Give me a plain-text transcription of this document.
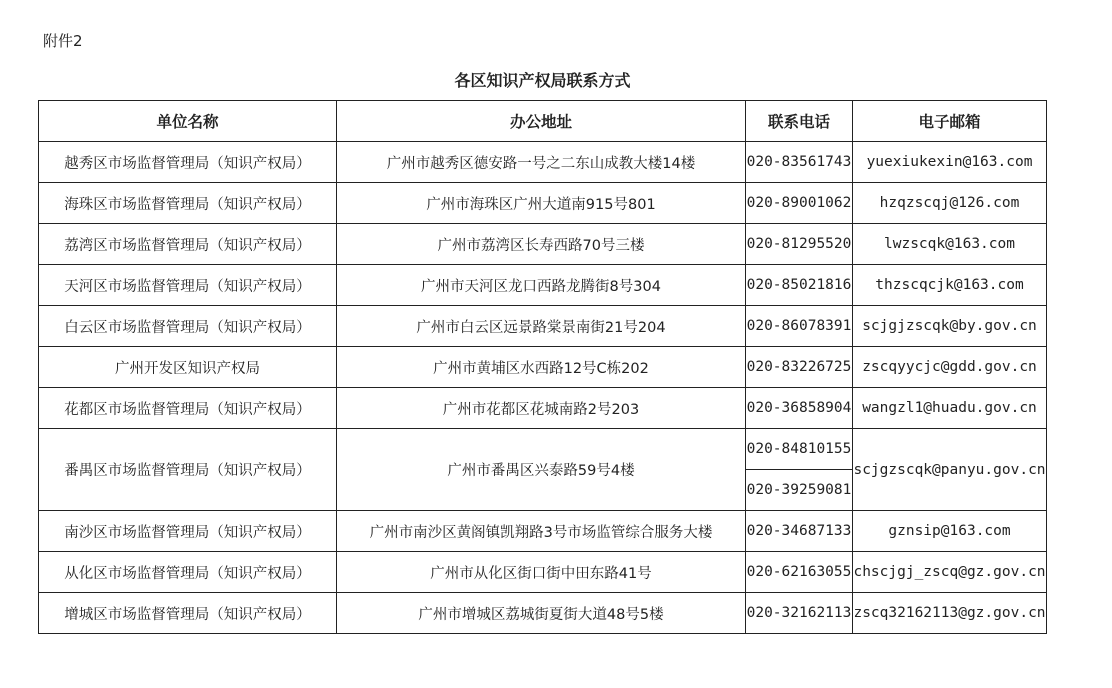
附件2
各区知识产权局联系方式
单位名称	办公地址	联系电话	电子邮箱
越秀区市场监督管理局（知识产权局）	广州市越秀区德安路一号之二东山成教大楼14楼	020-83561743	yuexiukexin@163.com
海珠区市场监督管理局（知识产权局）	广州市海珠区广州大道南915号801	020-89001062	hzqzscqj@126.com
荔湾区市场监督管理局（知识产权局）	广州市荔湾区长寿西路70号三楼	020-81295520	lwzscqk@163.com
天河区市场监督管理局（知识产权局）	广州市天河区龙口西路龙腾街8号304	020-85021816	thzscqcjk@163.com
白云区市场监督管理局（知识产权局）	广州市白云区远景路棠景南街21号204	020-86078391	scjgjzscqk@by.gov.cn
广州开发区知识产权局	广州市黄埔区水西路12号C栋202	020-83226725	zscqyycjc@gdd.gov.cn
花都区市场监督管理局（知识产权局）	广州市花都区花城南路2号203	020-36858904	wangzl1@huadu.gov.cn
番禺区市场监督管理局（知识产权局）	广州市番禺区兴泰路59号4楼	020-84810155	scjgzscqk@panyu.gov.cn
		020-39259081	
南沙区市场监督管理局（知识产权局）	广州市南沙区黄阁镇凯翔路3号市场监管综合服务大楼	020-34687133	gznsip@163.com
从化区市场监督管理局（知识产权局）	广州市从化区街口街中田东路41号	020-62163055	chscjgj_zscq@gz.gov.cn
增城区市场监督管理局（知识产权局）	广州市增城区荔城街夏街大道48号5楼	020-32162113	zscq32162113@gz.gov.cn
